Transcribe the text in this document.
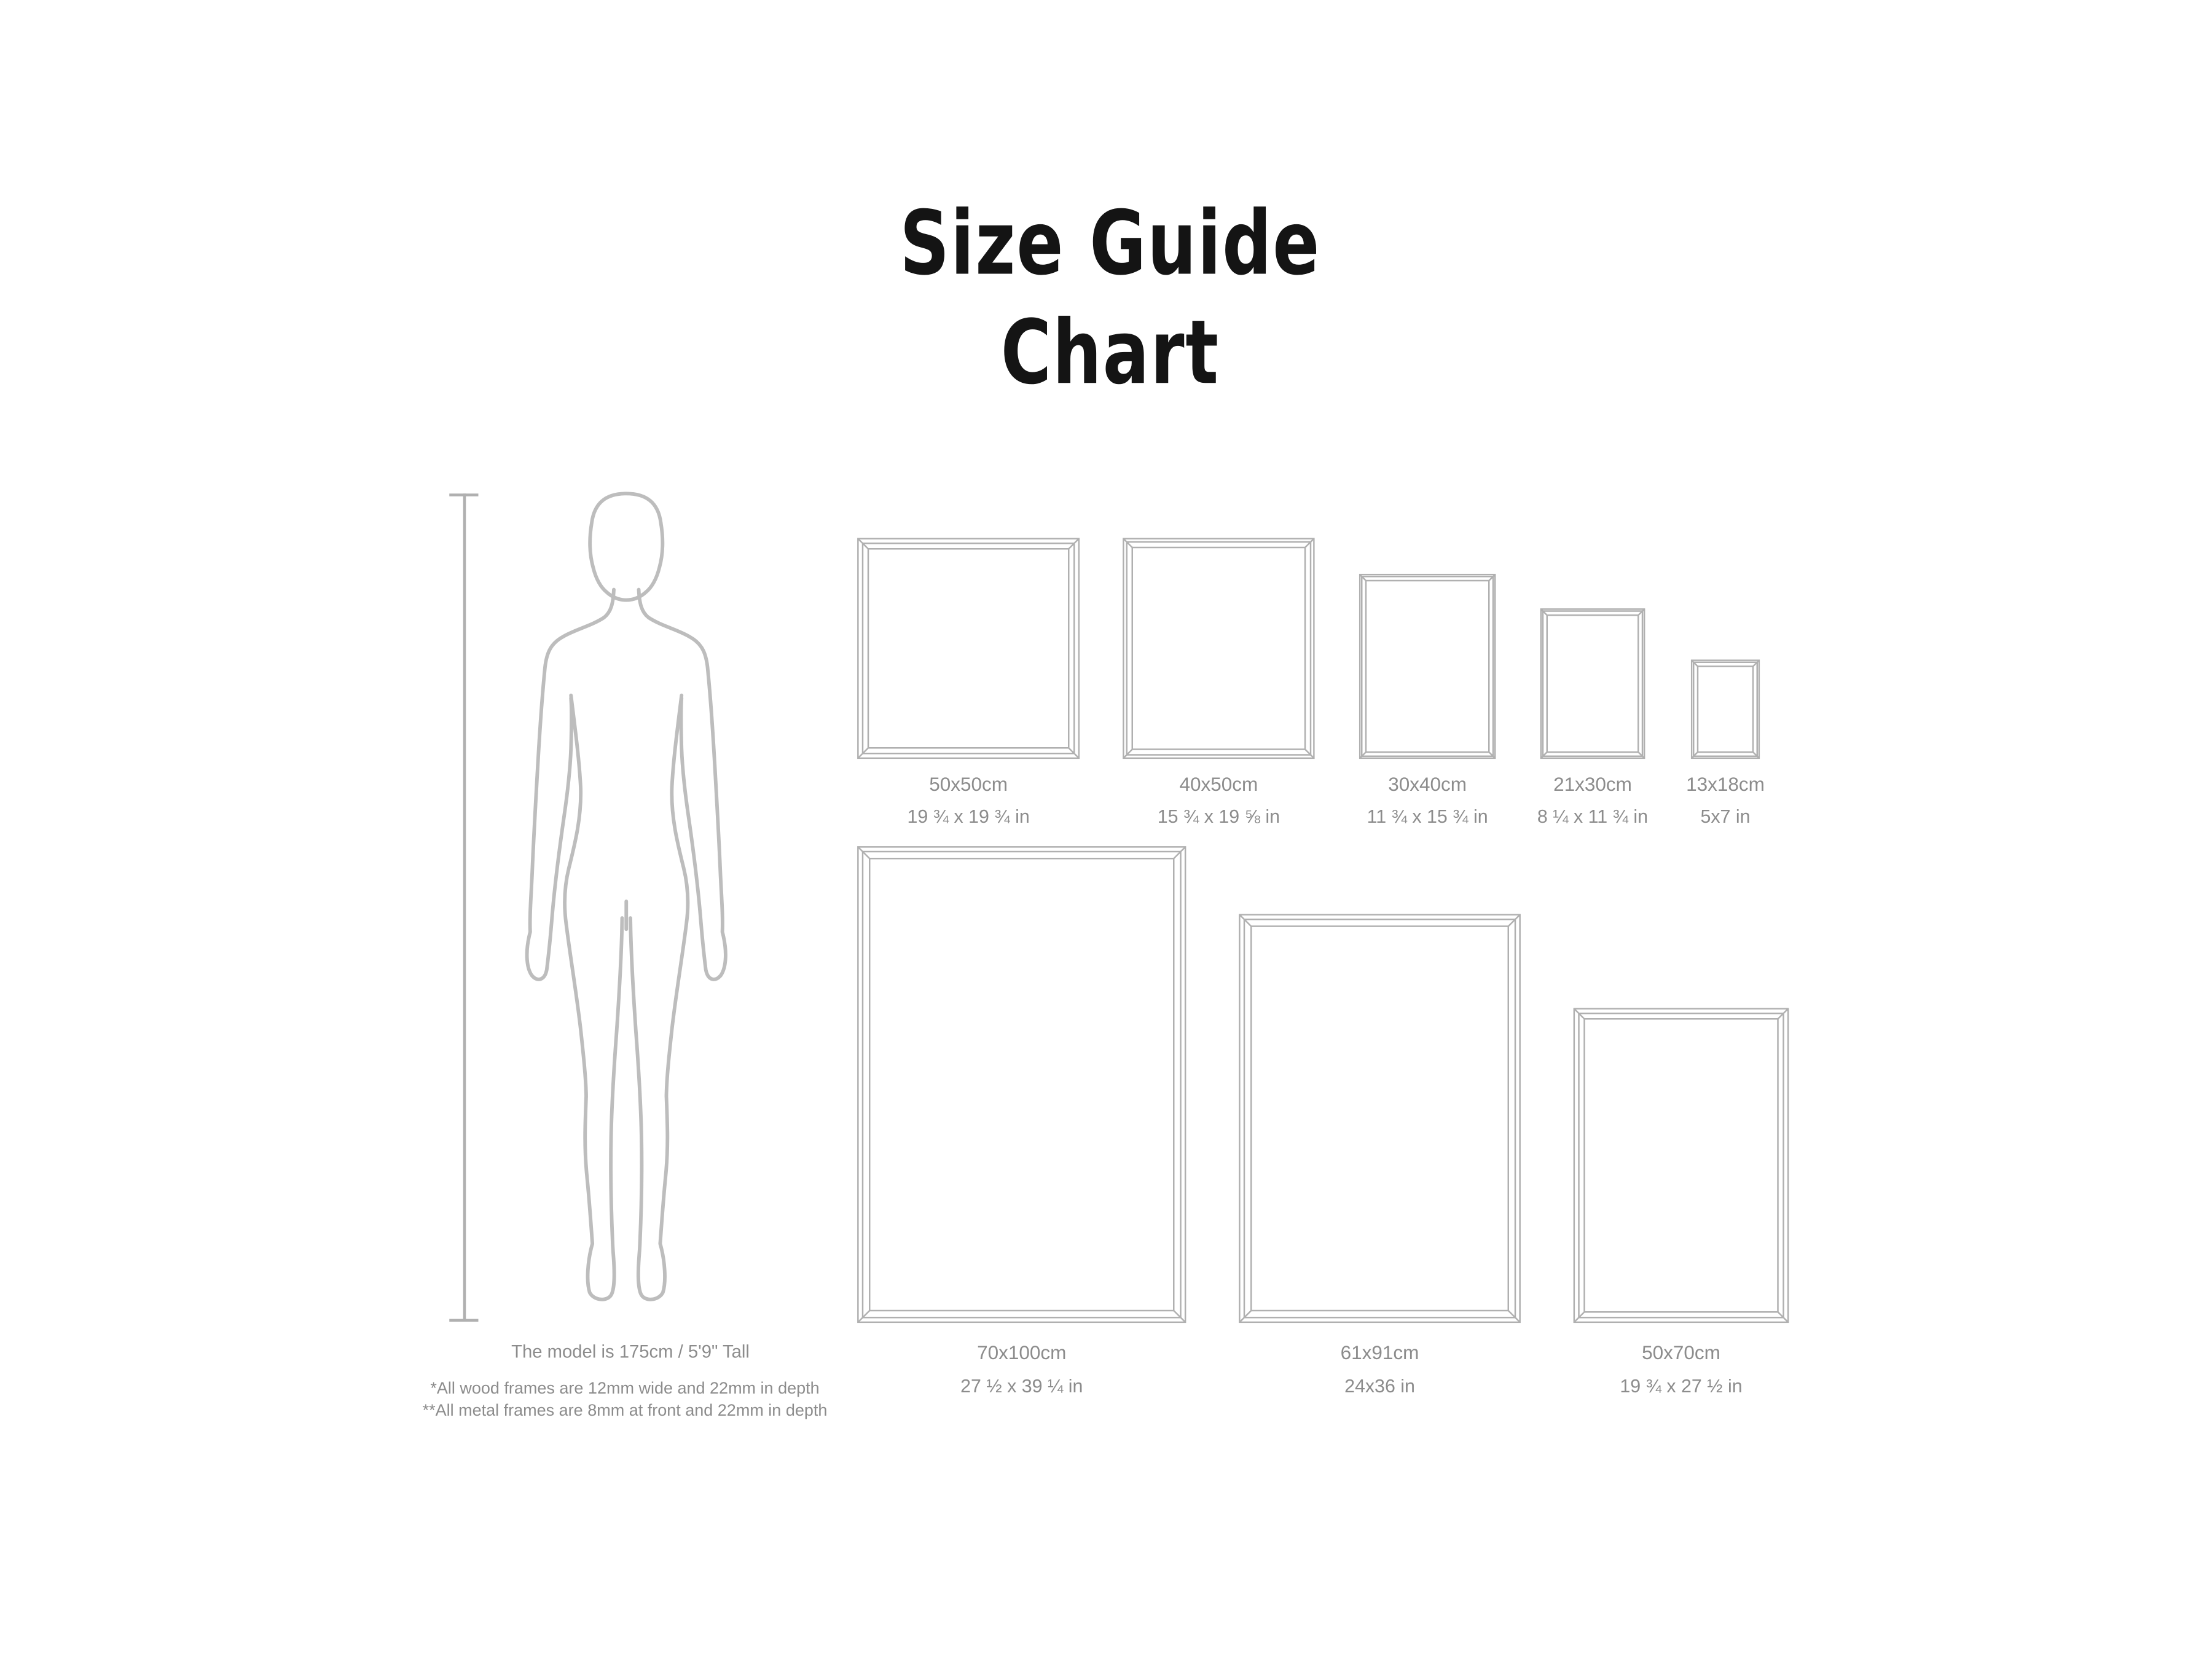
Size Guide
Chart
50x50cm
19 ¾ x 19 ¾ in
40x50cm
15 ¾ x 19 ⅝ in
30x40cm
11 ¾ x 15 ¾ in
21x30cm
8 ¼ x 11 ¾ in
13x18cm
5x7 in
70x100cm
27 ½ x 39 ¼ in
61x91cm
24x36 in
50x70cm
19 ¾ x 27 ½ in
The model is 175cm / 5'9" Tall
*All wood frames are 12mm wide and 22mm in depth
**All metal frames are 8mm at front and 22mm in depth
